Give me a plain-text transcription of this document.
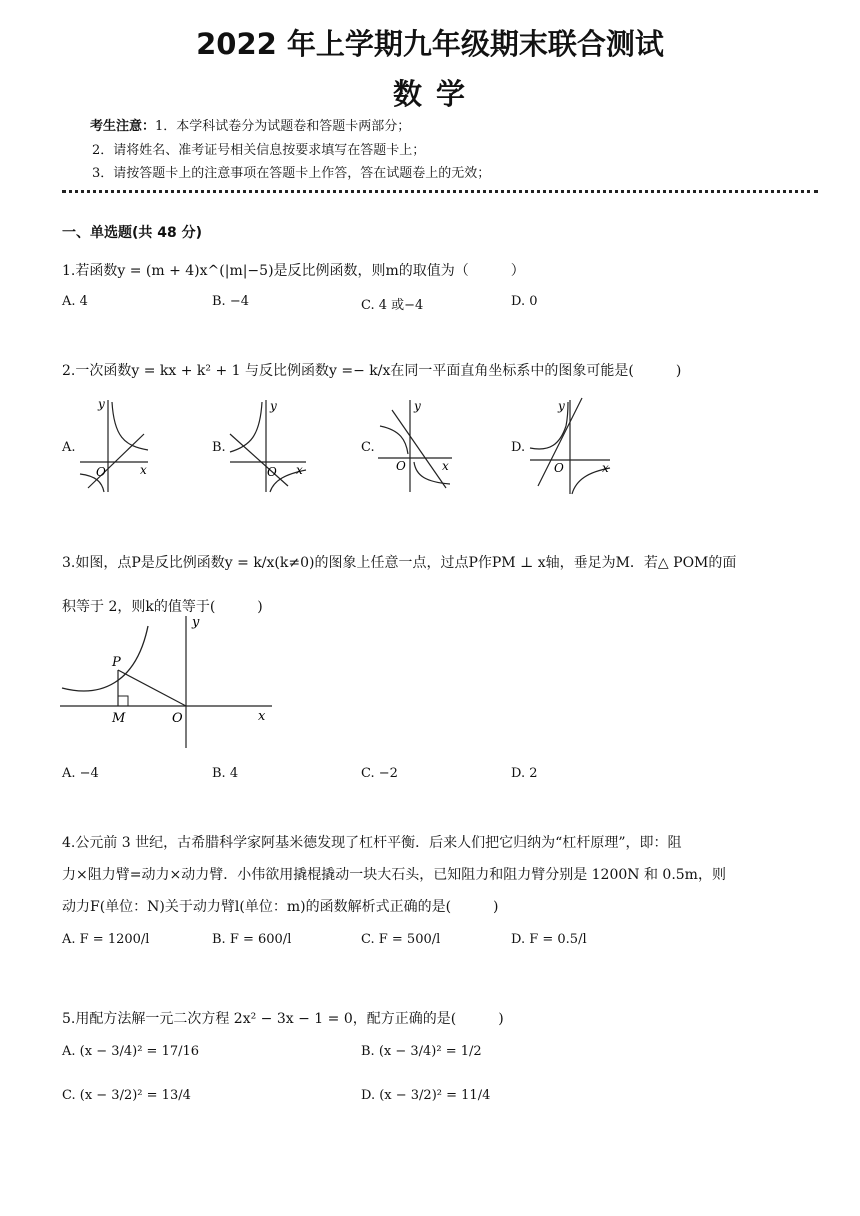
2022 年上学期九年级期末联合测试
数 学
考生注意：1．本学科试卷分为试题卷和答题卡两部分；
2．请将姓名、准考证号相关信息按要求填写在答题卡上；
3．请按答题卡上的注意事项在答题卡上作答，答在试题卷上的无效；
一、单选题(共 48 分)
1.若函数y = (m + 4)x^(|m|−5)是反比例函数，则m的取值为（　　　）
A. 4	B. −4	C. 4 或−4	D. 0
2.一次函数y = kx + k² + 1 与反比例函数y =− k/x在同一平面直角坐标系中的图象可能是(　　　)
A.
y
x
O
B.
y
x
O
C.
y
x
O
D.
y
x
O
3.如图，点P是反比例函数y = k/x(k≠0)的图象上任意一点，过点P作PM ⊥ x轴，垂足为M．若△ POM的面
积等于 2，则k的值等于(　　　)
P
M	O	x
y
A. −4	B. 4	C. −2	D. 2
4.公元前 3 世纪，古希腊科学家阿基米德发现了杠杆平衡．后来人们把它归纳为“杠杆原理”，即：阻
力×阻力臂=动力×动力臂．小伟欲用撬棍撬动一块大石头，已知阻力和阻力臂分别是 1200N 和 0.5m，则
动力F(单位：N)关于动力臂l(单位：m)的函数解析式正确的是(　　　)
A. F = 1200/l	B. F = 600/l	C. F = 500/l	D. F = 0.5/l
5.用配方法解一元二次方程 2x² − 3x − 1 = 0，配方正确的是(　　　)
A. (x − 3/4)² = 17/16	B. (x − 3/4)² = 1/2
C. (x − 3/2)² = 13/4	D. (x − 3/2)² = 11/4
